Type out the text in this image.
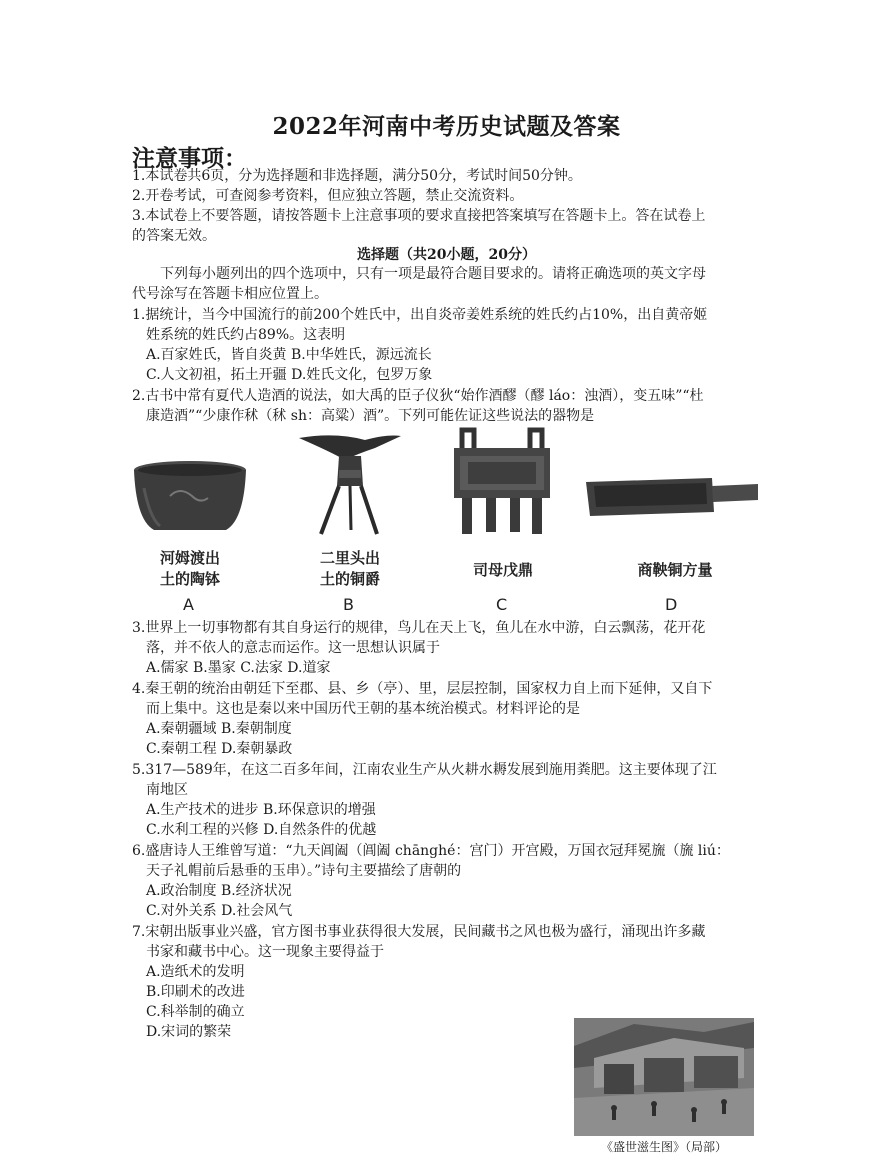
2022年河南中考历史试题及答案
注意事项：
1.本试卷共6页，分为选择题和非选择题，满分50分，考试时间50分钟。
2.开卷考试，可查阅参考资料，但应独立答题，禁止交流资料。
3.本试卷上不要答题，请按答题卡上注意事项的要求直接把答案填写在答题卡上。答在试卷上
的答案无效。
选择题（共20小题，20分）
下列每小题列出的四个选项中，只有一项是最符合题目要求的。请将正确选项的英文字母
代号涂写在答题卡相应位置上。
1.据统计，当今中国流行的前200个姓氏中，出自炎帝姜姓系统的姓氏约占10%，出自黄帝姬
姓系统的姓氏约占89%。这表明
A.百家姓氏，皆自炎黄 B.中华姓氏，源远流长
C.人文初祖，拓土开疆 D.姓氏文化，包罗万象
2.古书中常有夏代人造酒的说法，如大禹的臣子仪狄“始作酒醪（醪 láo：浊酒），变五味”“杜
康造酒”“少康作秫（秫 sh：高粱）酒”。下列可能佐证这些说法的器物是
河姆渡出
土的陶钵
A
二里头出
土的铜爵
B
司母戊鼎
C
商鞅铜方量
D
3.世界上一切事物都有其自身运行的规律，鸟儿在天上飞，鱼儿在水中游，白云飘荡，花开花
落，并不依人的意志而运作。这一思想认识属于
A.儒家 B.墨家 C.法家 D.道家
4.秦王朝的统治由朝廷下至郡、县、乡（亭）、里，层层控制，国家权力自上而下延伸，又自下
而上集中。这也是秦以来中国历代王朝的基本统治模式。材料评论的是
A.秦朝疆域 B.秦朝制度
C.秦朝工程 D.秦朝暴政
5.317—589年，在这二百多年间，江南农业生产从火耕水耨发展到施用粪肥。这主要体现了江
南地区
A.生产技术的进步 B.环保意识的增强
C.水利工程的兴修 D.自然条件的优越
6.盛唐诗人王维曾写道：“九天阊阖（阊阖 chānghé：宫门）开宫殿，万国衣冠拜冕旒（旒 liú：
天子礼帽前后悬垂的玉串）。”诗句主要描绘了唐朝的
A.政治制度 B.经济状况
C.对外关系 D.社会风气
7.宋朝出版事业兴盛，官方图书事业获得很大发展，民间藏书之风也极为盛行，涌现出许多藏
书家和藏书中心。这一现象主要得益于
A.造纸术的发明
B.印刷术的改进
C.科举制的确立
D.宋词的繁荣
《盛世滋生图》（局部）
